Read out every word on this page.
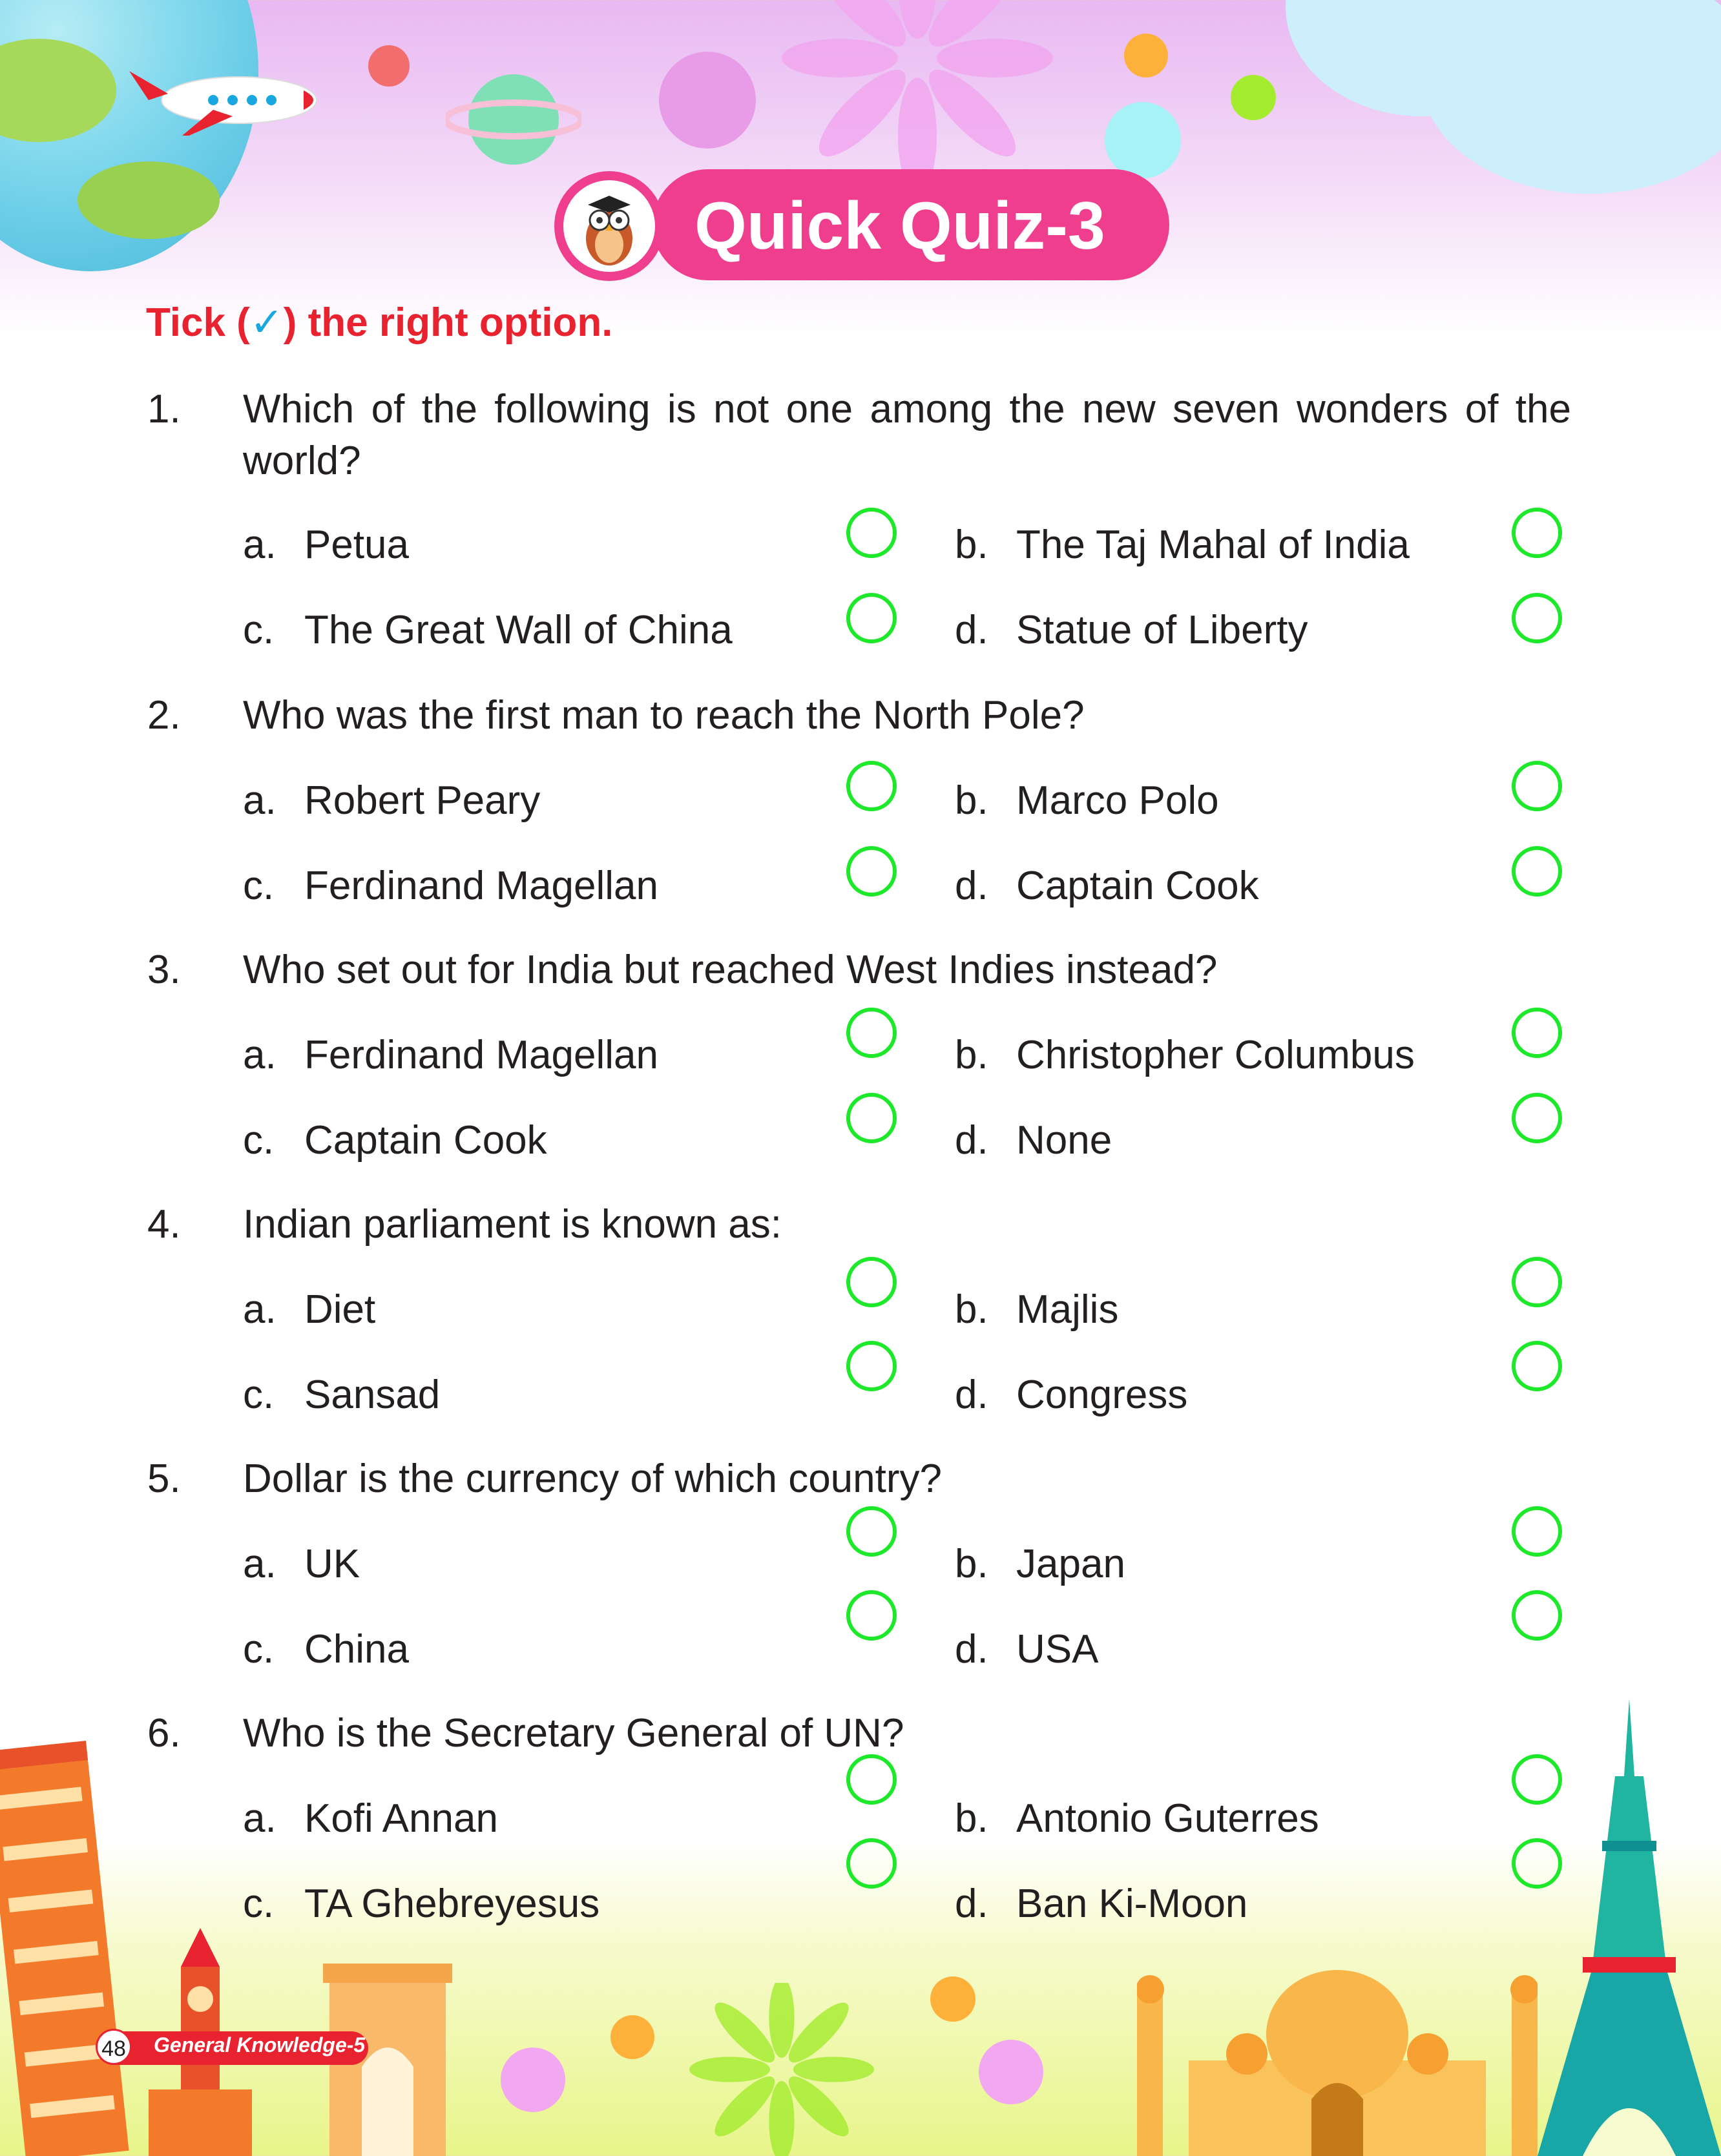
Quick Quiz-3
Tick (✓) the right option.
1.	Which of the following is not one among the new seven wonders of the world?
a. Petua	b. The Taj Mahal of India
c. The Great Wall of China	d. Statue of Liberty
2.	Who was the first man to reach the North Pole?
a. Robert Peary	b. Marco Polo
c. Ferdinand Magellan	d. Captain Cook
3.	Who set out for India but reached West Indies instead?
a. Ferdinand Magellan	b. Christopher Columbus
c. Captain Cook	d. None
4.	Indian parliament is known as:
a. Diet	b. Majlis
c. Sansad	d. Congress
5.	Dollar is the currency of which country?
a. UK	b. Japan
c. China	d. USA
6.	Who is the Secretary General of UN?
a. Kofi Annan	b. Antonio Guterres
c. TA Ghebreyesus	d. Ban Ki-Moon
48 General Knowledge-5
